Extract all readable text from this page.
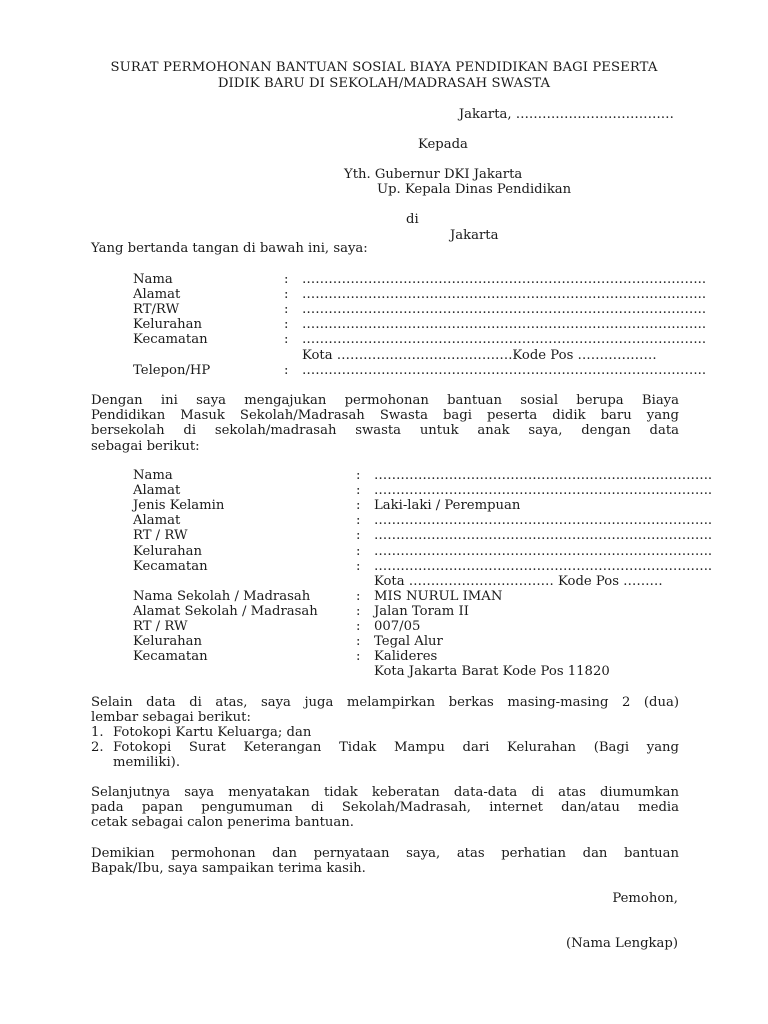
SURAT PERMOHONAN BANTUAN SOSIAL BIAYA PENDIDIKAN BAGI PESERTA
DIDIK BARU DI SEKOLAH/MADRASAH SWASTA
Jakarta, ………………………………
Kepada
Yth. Gubernur DKI Jakarta
Up. Kepala Dinas Pendidikan
di
Jakarta
Yang bertanda tangan di bawah ini, saya:
Nama	: ………………………………………………………………………………..
Alamat	: ………………………………………………………………………………..
RT/RW	: ………………………………………………………………………………..
Kelurahan	: ………………………………………………………………………………..
Kecamatan	: ………………………………………………………………………………..
Kota ………………………………….Kode Pos ………………
Telepon/HP	: ………………………………………………………………………………..
Dengan ini saya mengajukan permohonan bantuan sosial berupa Biaya
Pendidikan Masuk Sekolah/Madrasah Swasta bagi peserta didik baru yang
bersekolah di sekolah/madrasah swasta untuk anak saya, dengan data
sebagai berikut:
Nama	: …………………………………………………………………..
Alamat	: …………………………………………………………………..
Jenis Kelamin	: Laki-laki / Perempuan
Alamat	: …………………………………………………………………..
RT / RW	: …………………………………………………………………..
Kelurahan	: …………………………………………………………………..
Kecamatan	: …………………………………………………………………..
Kota …………………………… Kode Pos ………
Nama Sekolah / Madrasah	: MIS NURUL IMAN
Alamat Sekolah / Madrasah	: Jalan Toram II
RT / RW	: 007/05
Kelurahan	: Tegal Alur
Kecamatan	: Kalideres
Kota Jakarta Barat Kode Pos 11820
Selain data di atas, saya juga melampirkan berkas masing-masing 2 (dua)
lembar sebagai berikut:
1. Fotokopi Kartu Keluarga; dan
2. Fotokopi Surat Keterangan Tidak Mampu dari Kelurahan (Bagi yang
memiliki).
Selanjutnya saya menyatakan tidak keberatan data-data di atas diumumkan
pada papan pengumuman di Sekolah/Madrasah, internet dan/atau media
cetak sebagai calon penerima bantuan.
Demikian permohonan dan pernyataan saya, atas perhatian dan bantuan
Bapak/Ibu, saya sampaikan terima kasih.
Pemohon,
(Nama Lengkap)
